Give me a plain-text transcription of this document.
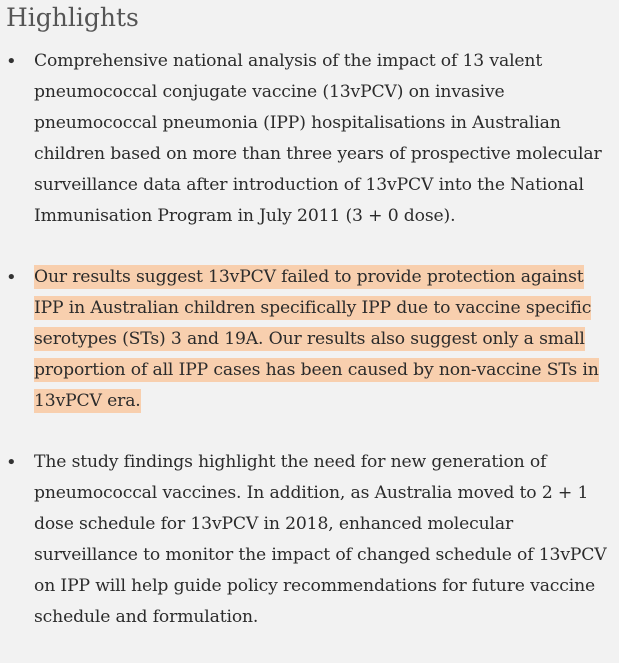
Highlights
• Comprehensive national analysis of the impact of 13 valent pneumococcal conjugate vaccine (13vPCV) on invasive pneumococcal pneumonia (IPP) hospitalisations in Australian children based on more than three years of prospective molecular surveillance data after introduction of 13vPCV into the National Immunisation Program in July 2011 (3 + 0 dose).

• Our results suggest 13vPCV failed to provide protection against IPP in Australian children specifically IPP due to vaccine specific serotypes (STs) 3 and 19A. Our results also suggest only a small proportion of all IPP cases has been caused by non-vaccine STs in 13vPCV era.

• The study findings highlight the need for new generation of pneumococcal vaccines. In addition, as Australia moved to 2 + 1 dose schedule for 13vPCV in 2018, enhanced molecular surveillance to monitor the impact of changed schedule of 13vPCV on IPP will help guide policy recommendations for future vaccine schedule and formulation.
